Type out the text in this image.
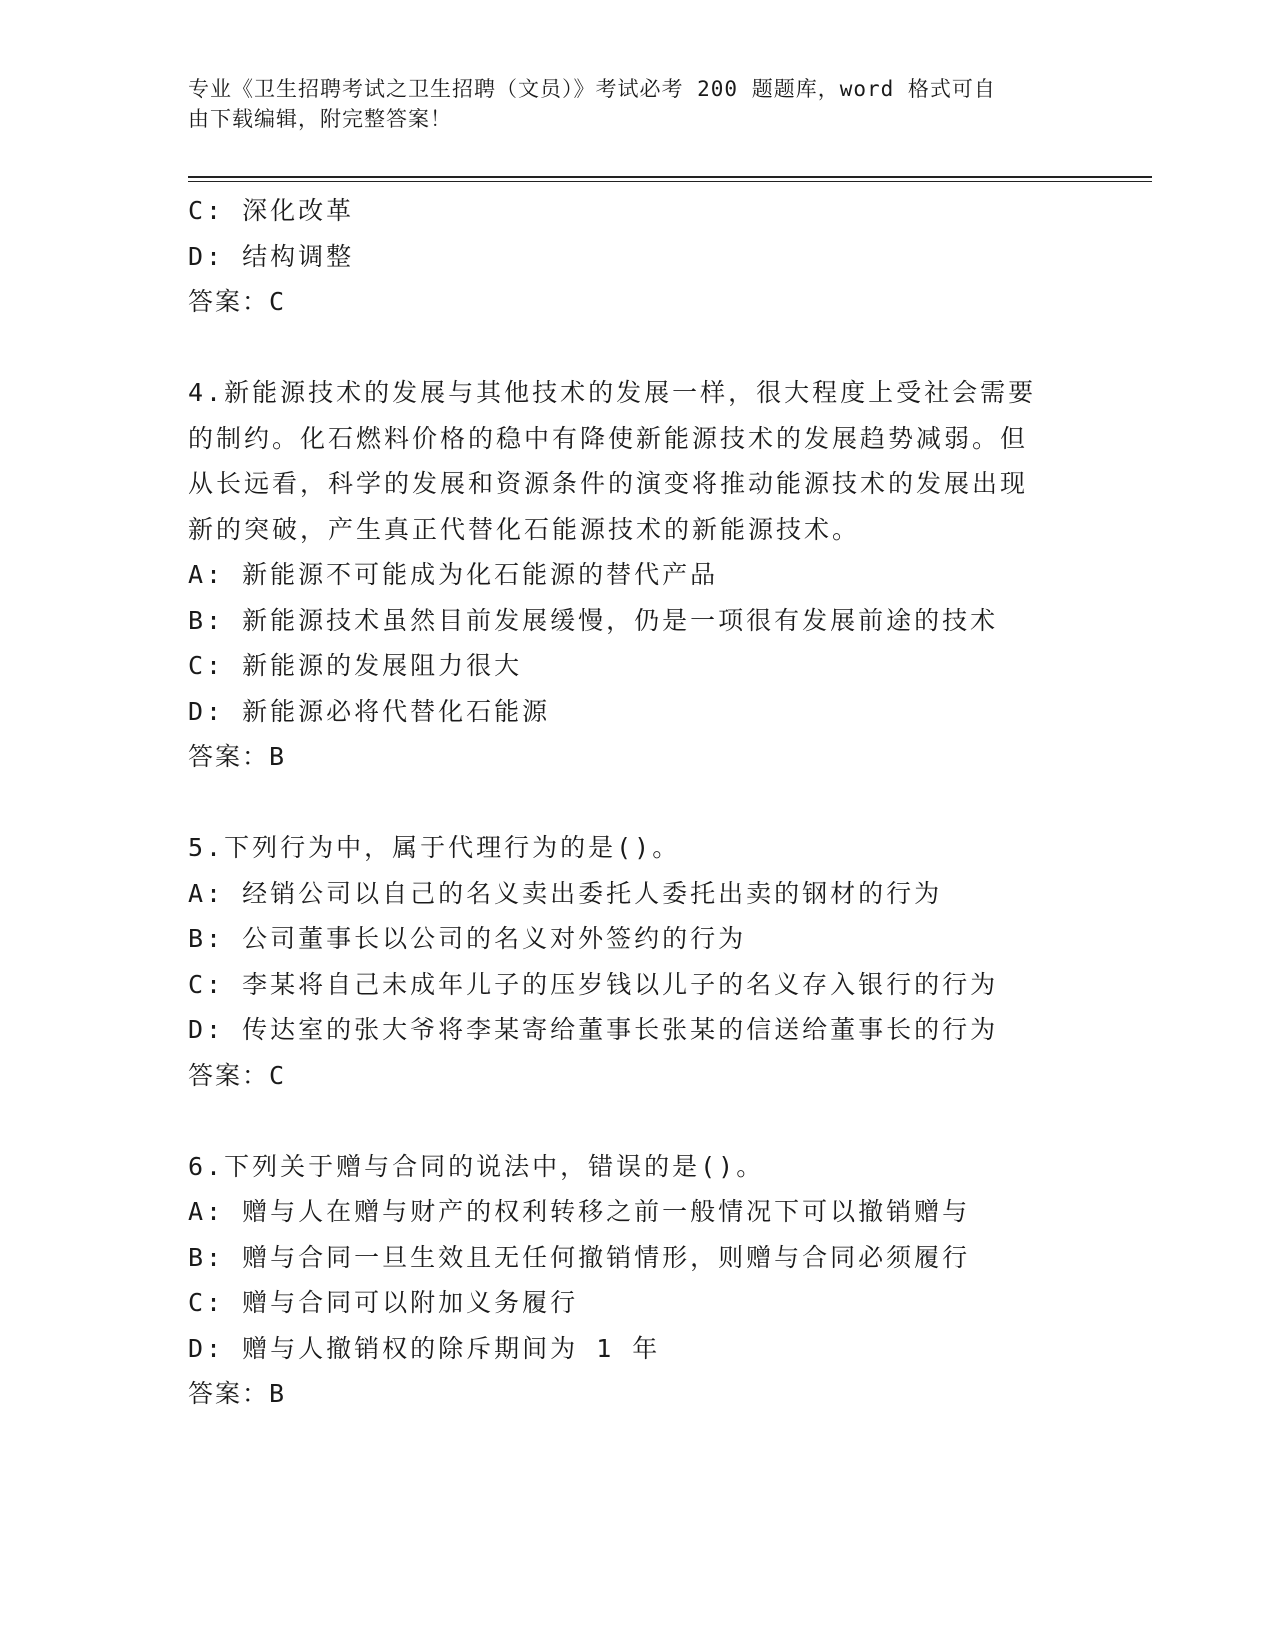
专业《卫生招聘考试之卫生招聘（文员）》考试必考 200 题题库，word 格式可自
由下载编辑，附完整答案！
C: 深化改革
D: 结构调整
答案：C
4.新能源技术的发展与其他技术的发展一样，很大程度上受社会需要
的制约。化石燃料价格的稳中有降使新能源技术的发展趋势减弱。但
从长远看，科学的发展和资源条件的演变将推动能源技术的发展出现
新的突破，产生真正代替化石能源技术的新能源技术。
A: 新能源不可能成为化石能源的替代产品
B: 新能源技术虽然目前发展缓慢，仍是一项很有发展前途的技术
C: 新能源的发展阻力很大
D: 新能源必将代替化石能源
答案：B
5.下列行为中，属于代理行为的是()。
A: 经销公司以自己的名义卖出委托人委托出卖的钢材的行为
B: 公司董事长以公司的名义对外签约的行为
C: 李某将自己未成年儿子的压岁钱以儿子的名义存入银行的行为
D: 传达室的张大爷将李某寄给董事长张某的信送给董事长的行为
答案：C
6.下列关于赠与合同的说法中，错误的是()。
A: 赠与人在赠与财产的权利转移之前一般情况下可以撤销赠与
B: 赠与合同一旦生效且无任何撤销情形，则赠与合同必须履行
C: 赠与合同可以附加义务履行
D: 赠与人撤销权的除斥期间为 1 年
答案：B
